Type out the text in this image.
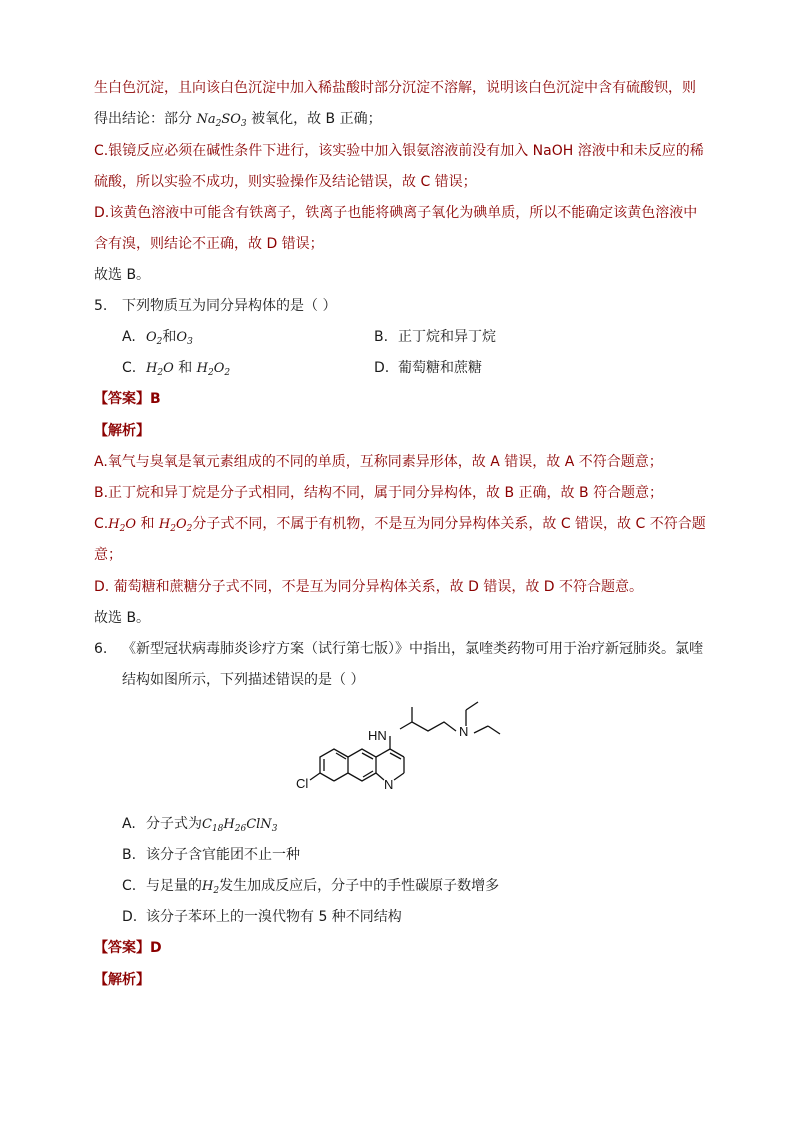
生白色沉淀，且向该白色沉淀中加入稀盐酸时部分沉淀不溶解，说明该白色沉淀中含有硫酸钡，则
得出结论：部分 $Na_2SO_3$ 被氧化，故 B 正确；
C.银镜反应必须在碱性条件下进行，该实验中加入银氨溶液前没有加入 NaOH 溶液中和未反应的稀
硫酸，所以实验不成功，则实验操作及结论错误，故 C 错误；
D.该黄色溶液中可能含有铁离子，铁离子也能将碘离子氧化为碘单质，所以不能确定该黄色溶液中
含有溴，则结论不正确，故 D 错误；
故选 B。
5. 下列物质互为同分异构体的是（ ）
A. $O_2$和$O_3$	B. 正丁烷和异丁烷
C. $H_2O$ 和 $H_2O_2$	D. 葡萄糖和蔗糖
【答案】B
【解析】
A.氧气与臭氧是氧元素组成的不同的单质，互称同素异形体，故 A 错误，故 A 不符合题意；
B.正丁烷和异丁烷是分子式相同，结构不同，属于同分异构体，故 B 正确，故 B 符合题意；
$C.H_2O$ 和 $H_2O_2$分子式不同，不属于有机物，不是互为同分异构体关系，故 C 错误，故 C 不符合题
意；
D. 葡萄糖和蔗糖分子式不同，不是互为同分异构体关系，故 D 错误，故 D 不符合题意。
故选 B。
6. 《新型冠状病毒肺炎诊疗方案（试行第七版）》中指出，氯喹类药物可用于治疗新冠肺炎。氯喹
结构如图所示，下列描述错误的是（ ）
HN	N
Cl	N
A. 分子式为$C_{18}H_{26}ClN_3$
B. 该分子含官能团不止一种
C. 与足量的$H_2$发生加成反应后，分子中的手性碳原子数增多
D. 该分子苯环上的一溴代物有 5 种不同结构
【答案】D
【解析】
